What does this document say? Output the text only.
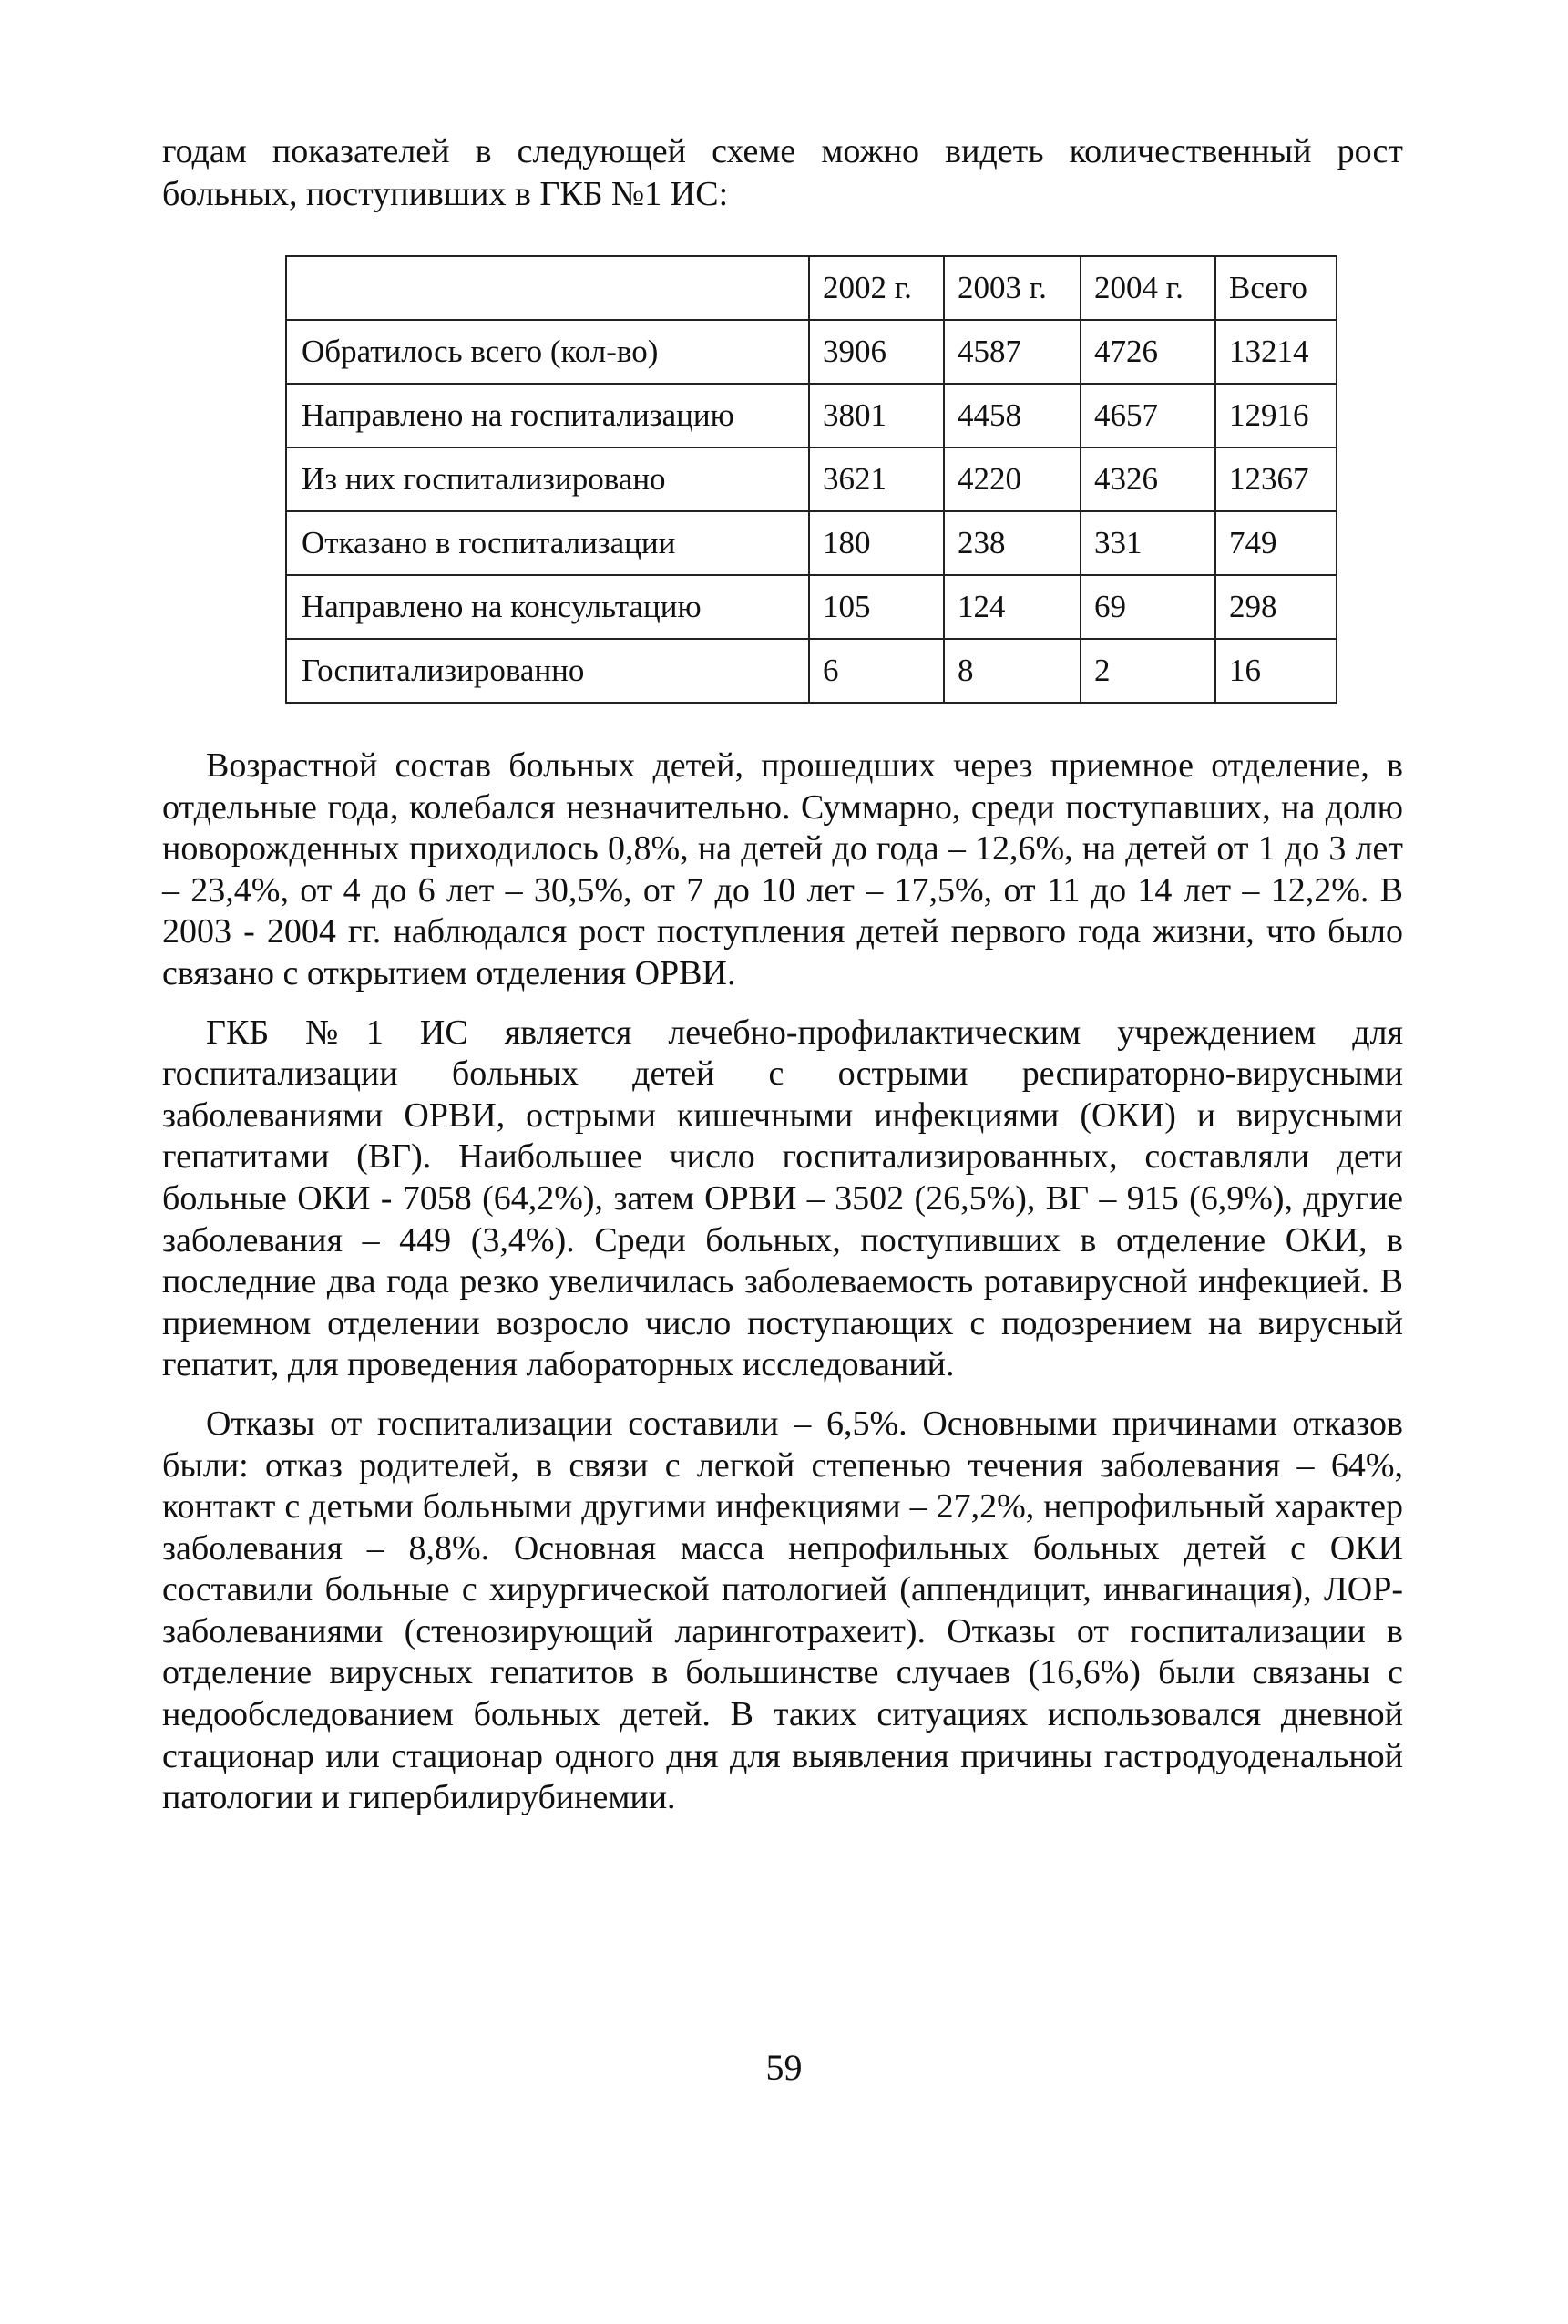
годам показателей в следующей схеме можно видеть количественный рост больных, поступивших в ГКБ №1 ИС:

	2002 г.	2003 г.	2004 г.	Всего
Обратилось всего (кол-во)	3906	4587	4726	13214
Направлено на госпитализацию	3801	4458	4657	12916
Из них госпитализировано	3621	4220	4326	12367
Отказано в госпитализации	180	238	331	749
Направлено на консультацию	105	124	69	298
Госпитализированно	6	8	2	16

Возрастной состав больных детей, прошедших через приемное отделение, в отдельные года, колебался незначительно. Суммарно, среди поступавших, на долю новорожденных приходилось 0,8%, на детей до года – 12,6%, на детей от 1 до 3 лет – 23,4%, от 4 до 6 лет – 30,5%, от 7 до 10 лет – 17,5%, от 11 до 14 лет – 12,2%. В 2003 - 2004 гг. наблюдался рост поступления детей первого года жизни, что было связано с открытием отделения ОРВИ.

ГКБ №1 ИС является лечебно-профилактическим учреждением для госпитализации больных детей с острыми респираторно-вирусными заболеваниями ОРВИ, острыми кишечными инфекциями (ОКИ) и вирусными гепатитами (ВГ). Наибольшее число госпитализированных, составляли дети больные ОКИ - 7058 (64,2%), затем ОРВИ – 3502 (26,5%), ВГ – 915 (6,9%), другие заболевания – 449 (3,4%). Среди больных, поступивших в отделение ОКИ, в последние два года резко увеличилась заболеваемость ротавирусной инфекцией. В приемном отделении возросло число поступающих с подозрением на вирусный гепатит, для проведения лабораторных исследований.

Отказы от госпитализации составили – 6,5%. Основными причинами отказов были: отказ родителей, в связи с легкой степенью течения заболевания – 64%, контакт с детьми больными другими инфекциями – 27,2%, непрофильный характер заболевания – 8,8%. Основная масса непрофильных больных детей с ОКИ составили больные с хирургической патологией (аппендицит, инвагинация), ЛОР-заболеваниями (стенозирующий ларинготрахеит). Отказы от госпитализации в отделение вирусных гепатитов в большинстве случаев (16,6%) были связаны с недообследованием больных детей. В таких ситуациях использовался дневной стационар или стационар одного дня для выявления причины гастродуоденальной патологии и гипербилирубинемии.

59
